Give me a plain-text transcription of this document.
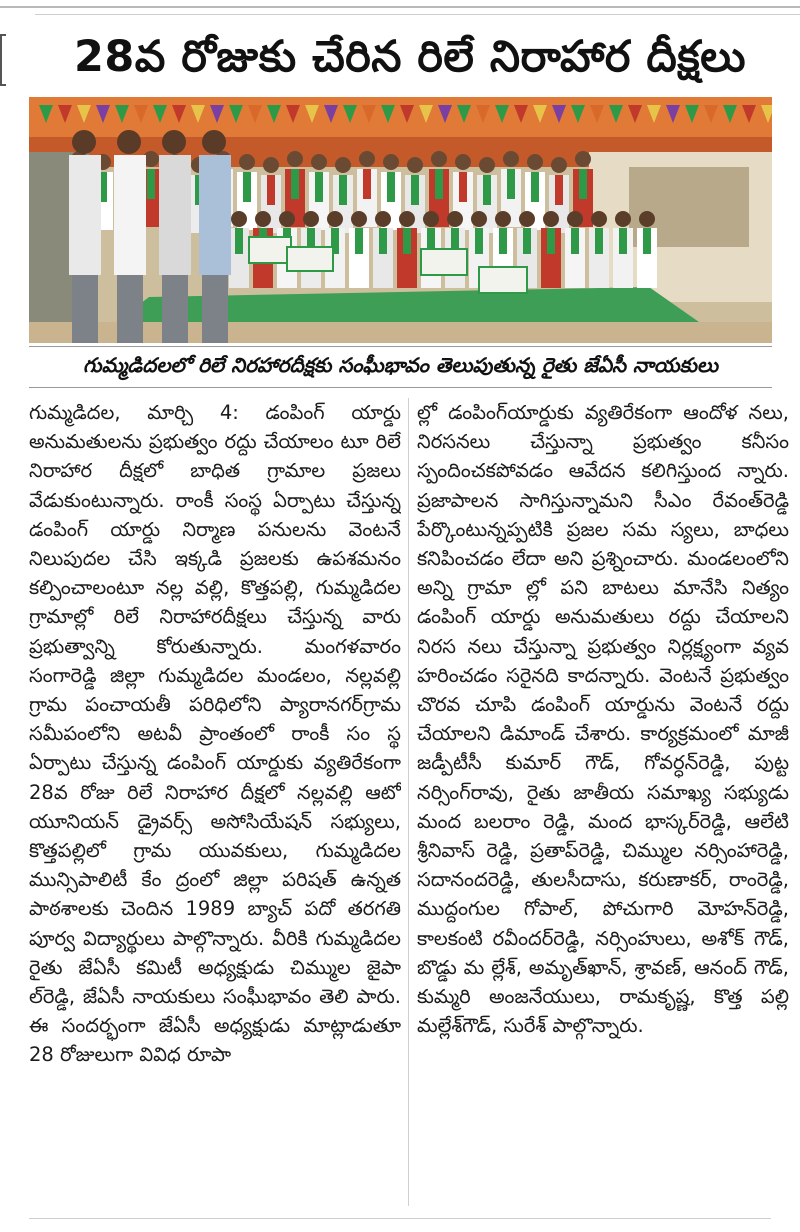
28వ రోజుకు చేరిన రిలే నిరాహార దీక్షలు
గుమ్మడిదలలో రిలే నిరహారదీక్షకు సంఘీభావం తెలుపుతున్న రైతు జేఏసీ నాయకులు

గుమ్మడిదల, మార్చి 4: డంపింగ్ యార్డు అనుమతులను ప్రభుత్వం రద్దు చేయాలం టూ రిలే నిరాహార దీక్షలో బాధిత గ్రామాల ప్రజలు వేడుకుంటున్నారు. రాంకీ సంస్థ ఏర్పాటు చేస్తున్న డంపింగ్ యార్డు నిర్మాణ పనులను వెంటనే నిలుపుదల చేసి ఇక్కడి ప్రజలకు ఉపశమనం కల్పించాలంటూ నల్ల వల్లి, కొత్తపల్లి, గుమ్మడిదల గ్రామాల్లో రిలే నిరాహారదీక్షలు చేస్తున్న వారు ప్రభుత్వాన్ని కోరుతున్నారు. మంగళవారం సంగారెడ్డి జిల్లా గుమ్మడిదల మండలం, నల్లవల్లి గ్రామ పంచాయతీ పరిధిలోని ప్యారానగర్‌గ్రామ సమీపంలోని అటవీ ప్రాంతంలో రాంకీ సం స్థ ఏర్పాటు చేస్తున్న డంపింగ్ యార్డుకు వ్యతిరేకంగా 28వ రోజు రిలే నిరాహార దీక్షలో నల్లవల్లి ఆటో యూనియన్ డ్రైవర్స్ అసోసియేషన్ సభ్యులు, కొత్తపల్లిలో గ్రామ యువకులు, గుమ్మడిదల మున్సిపాలిటీ కేం ద్రంలో జిల్లా పరిషత్ ఉన్నత పాఠశాలకు చెందిన 1989 బ్యాచ్ పదో తరగతి పూర్వ విద్యార్థులు పాల్గొన్నారు. వీరికి గుమ్మడిదల రైతు జేఏసీ కమిటీ అధ్యక్షుడు చిమ్ముల జైపా ల్‌రెడ్డి, జేఏసీ నాయకులు సంఘీభావం తెలి పారు. ఈ సందర్భంగా జేఏసీ అధ్యక్షుడు మాట్లాడుతూ 28 రోజులుగా వివిధ రూపా

ల్లో డంపింగ్‌యార్డుకు వ్యతిరేకంగా ఆందోళ నలు, నిరసనలు చేస్తున్నా ప్రభుత్వం కనీసం స్పందించకపోవడం ఆవేదన కలిగిస్తుంద న్నారు. ప్రజాపాలన సాగిస్తున్నామని సీఎం రేవంత్‌రెడ్డి పేర్కొంటున్నప్పటికి ప్రజల సమ స్యలు, బాధలు కనిపించడం లేదా అని ప్రశ్నించారు. మండలంలోని అన్ని గ్రామా ల్లో పని బాటలు మానేసి నిత్యం డంపింగ్ యార్డు అనుమతులు రద్దు చేయాలని నిరస నలు చేస్తున్నా ప్రభుత్వం నిర్లక్ష్యంగా వ్యవ హరించడం సరైనది కాదన్నారు. వెంటనే ప్రభుత్వం చొరవ చూపి డంపింగ్ యార్డును వెంటనే రద్దు చేయాలని డిమాండ్ చేశారు. కార్యక్రమంలో మాజీ జడ్పీటీసీ కుమార్ గౌడ్, గోవర్ధన్‌రెడ్డి, పుట్ట నర్సింగ్‌రావు, రైతు జాతీయ సమాఖ్య సభ్యుడు మంద బలరాం రెడ్డి, మంద భాస్కర్‌రెడ్డి, ఆలేటి శ్రీనివాస్ రెడ్డి, ప్రతాప్‌రెడ్డి, చిమ్ముల నర్సింహారెడ్డి, సదానందరెడ్డి, తులసీదాసు, కరుణాకర్, రాంరెడ్డి, ముద్దంగుల గోపాల్, పోచుగారి మోహన్‌రెడ్డి, కాలకంటి రవీందర్‌రెడ్డి, నర్సింహులు, అశోక్ గౌడ్, బొడ్డు మ ల్లేశ్, అమృత్‌ఖాన్, శ్రావణ్, ఆనంద్ గౌడ్, కుమ్మరి అంజనేయులు, రామకృష్ణ, కొత్త పల్లి మల్లేశ్‌గౌడ్, సురేశ్ పాల్గొన్నారు.
